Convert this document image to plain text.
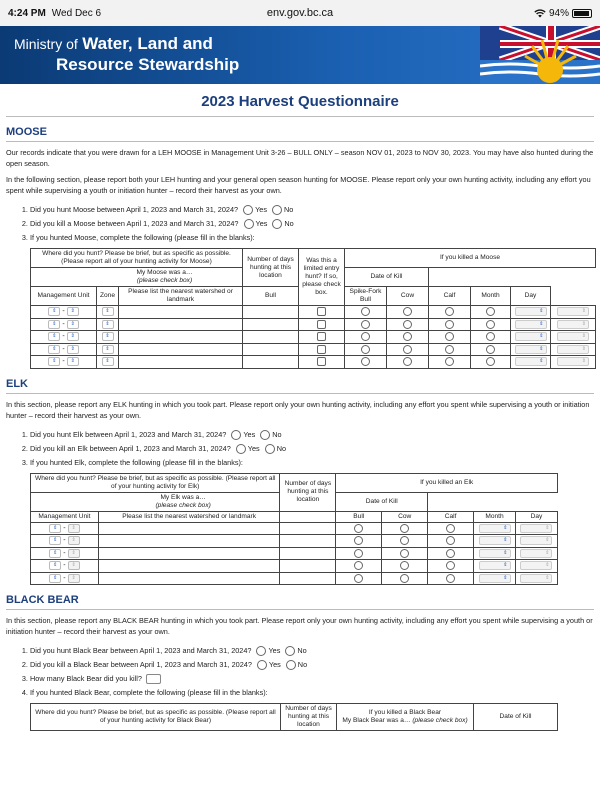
4:24 PM Wed Dec 6	env.gov.bc.ca	94%
Ministry of Water, Land and
Resource Stewardship
2023 Harvest Questionnaire
MOOSE

Our records indicate that you were drawn for a LEH MOOSE in Management Unit 3-26 – BULL ONLY – season NOV 01, 2023 to NOV 30, 2023. You may have also hunted during the open season.

In the following section, please report both your LEH hunting and your general open season hunting for MOOSE. Please report only your own hunting activity, including any effort you spent while supervising a youth or initiation hunter – record their harvest as your own.

1. Did you hunt Moose between April 1, 2023 and March 31, 2024? Yes No
2. Did you kill a Moose between April 1, 2023 and March 31, 2024? Yes No
3. If you hunted Moose, complete the following (please fill in the blanks):
Where did you hunt? Please be brief, but as specific as possible. (Please report all of your hunting activity for Moose)			Number of days hunting at this location	Was this a limited entry hunt? If so, please check box.	If you killed a Moose					
My Moose was a…
(please check box)					Date of Kill					
Management Unit	Zone	Please list the nearest watershed or landmark	Bull		Spike-Fork Bull	Cow	Calf	Month	Day	
⇕ - ⇕	⇕								⇕	⇕
⇕ - ⇕	⇕								⇕	⇕
⇕ - ⇕	⇕								⇕	⇕
⇕ - ⇕	⇕								⇕	⇕
⇕ - ⇕	⇕								⇕	⇕
ELK

In this section, please report any ELK hunting in which you took part. Please report only your own hunting activity, including any effort you spent while supervising a youth or initiation hunter – record their harvest as your own.

1. Did you hunt Elk between April 1, 2023 and March 31, 2024? Yes No
2. Did you kill an Elk between April 1, 2023 and March 31, 2024? Yes No
3. If you hunted Elk, complete the following (please fill in the blanks):
Where did you hunt? Please be brief, but as specific as possible. (Please report all of your hunting activity for Elk)		Number of days hunting at this location	If you killed an Elk				
My Elk was a…
(please check box)			Date of Kill				
Management Unit	Please list the nearest watershed or landmark		Bull	Cow	Calf	Month	Day
⇕ - ⇕						⇕	⇕
⇕ - ⇕						⇕	⇕
⇕ - ⇕						⇕	⇕
⇕ - ⇕						⇕	⇕
⇕ - ⇕						⇕	⇕
BLACK BEAR

In this section, please report any BLACK BEAR hunting in which you took part. Please report only your own hunting activity, including any effort you spent while supervising a youth or initiation hunter – record their harvest as your own.

1. Did you hunt Black Bear between April 1, 2023 and March 31, 2024? Yes No
2. Did you kill a Black Bear between April 1, 2023 and March 31, 2024? Yes No
3. How many Black Bear did you kill?
4. If you hunted Black Bear, complete the following (please fill in the blanks):
Where did you hunt? Please be brief, but as specific as possible. (Please report all of your hunting activity for Black Bear)	Number of days hunting at this location	If you killed a Black Bear
My Black Bear was a… (please check box)	Date of Kill
